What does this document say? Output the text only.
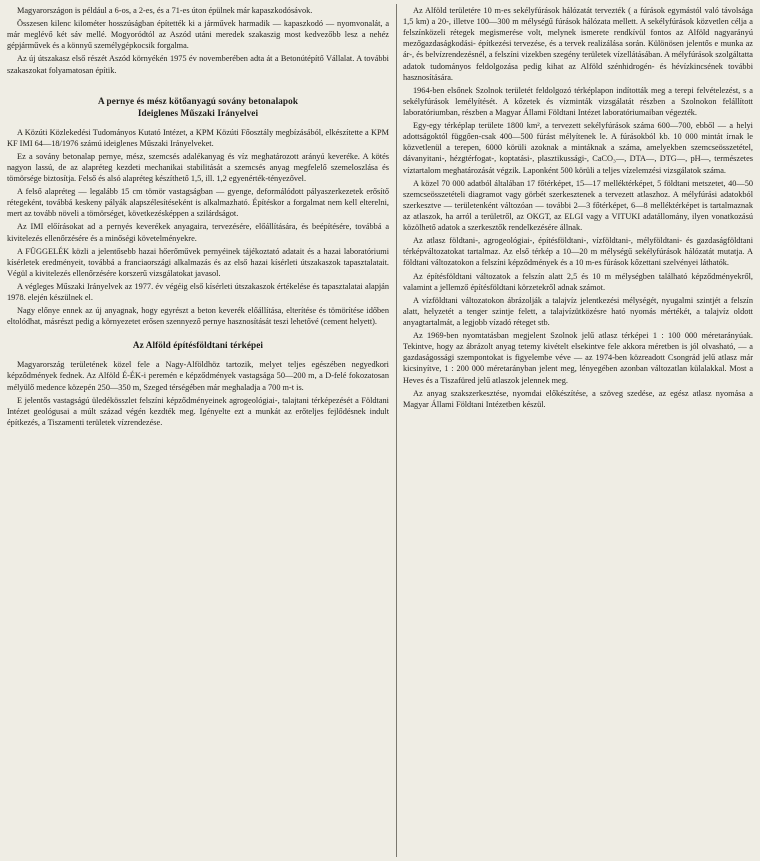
Magyarországon is például a 6-os, a 2-es, és a 71-es úton épülnek már kapaszkodósávok.

Összesen kilenc kilométer hosszúságban építették ki a járművek harmadik — kapaszkodó — nyomvonalát, a már meglévő két sáv mellé. Mogyoródtól az Aszód utáni meredek szakaszig most kedvezőbb lesz a nehéz gépjárművek és a könnyű személygépkocsik forgalma.

Az új útszakasz első részét Aszód környékén 1975 év novemberében adta át a Betonútépítő Vállalat. A további szakaszokat folyamatosan építik.

A pernye és mész kötőanyagú sovány betonalapok
Ideiglenes Műszaki Irányelvei

A Közúti Közlekedési Tudományos Kutató Intézet, a KPM Közúti Főosztály megbízásából, elkészítette a KPM KF IMI 64—18/1976 számú ideiglenes Műszaki Irányelveket.

Ez a sovány betonalap pernye, mész, szemcsés adalékanyag és víz meghatározott arányú keveréke. A kötés nagyon lassú, de az alapréteg kezdeti mechanikai stabilitását a szemcsés anyag megfelelő szemeloszlása és tömörsége biztosítja. Felső és alsó alapréteg készíthető 1,5, ill. 1,2 egyenérték-tényezővel.

A felső alapréteg — legalább 15 cm tömör vastagságban — gyenge, deformálódott pályaszerkezetek erősítő rétegeként, továbbá keskeny pályák alapszélesítéseként is alkalmazható. Építéskor a forgalmat nem kell elterelni, mert az tovább növeli a tömörséget, következésképpen a szilárdságot.

Az IMI előírásokat ad a pernyés keverékek anyagaira, tervezésére, előállítására, és beépítésére, továbbá a kivitelezés ellenőrzésére és a minőségi követelményekre.

A FÜGGELÉK közli a jelentősebb hazai hőerőművek pernyéinek tájékoztató adatait és a hazai laboratóriumi kísérletek eredményeit, továbbá a franciaországi alkalmazás és az első hazai kísérleti útszakaszok tapasztalatait. Végül a kivitelezés ellenőrzésére korszerű vizsgálatokat javasol.

A végleges Műszaki Irányelvek az 1977. év végéig első kísérleti útszakaszok értékelése és tapasztalatai alapján 1978. elején készülnek el.

Nagy előnye ennek az új anyagnak, hogy egyrészt a beton keverék előállítása, elterítése és tömörítése időben eltolódhat, másrészt pedig a környezetet erősen szennyező pernye hasznosítását teszi lehetővé (cement helyett).

Az Alföld építésföldtani térképei

Magyarország területének közel fele a Nagy-Alföldhöz tartozik, melyet teljes egészében negyedkori képződmények fednek. Az Alföld É-ÉK-i peremén e képződmények vastagsága 50—200 m, a D-felé fokozatosan mélyülő medence közepén 250—350 m, Szeged térségében már meghaladja a 700 m-t is.

E jelentős vastagságú üledékösszlet felszíni képződményeinek agrogeológiai-, talajtani térképezését a Földtani Intézet geológusai a múlt század végén kezdték meg. Igényelte ezt a munkát az erőteljes fejlődésnek indult építkezés, a Tiszamenti területek vízrendezése.

Az Alföld területére 10 m-es sekélyfúrások hálózatát tervezték ( a fúrások egymástól való távolsága 1,5 km) a 20-, illetve 100—300 m mélységű fúrások hálózata mellett. A sekélyfúrások közvetlen célja a felszínközeli rétegek megismerése volt, melynek ismerete rendkívül fontos az Alföld nagyarányú mezőgazdaságkodási- építkezési tervezése, és a tervek realizálása során. Különösen jelentős e munka az ár-, és belvízrendezésnél, a felszíni vizekben szegény területek vízellátásában. A mélyfúrások szolgáltatta adatok tudományos feldolgozása pedig kihat az Alföld szénhidrogén- és hévízkincsének további hasznosítására.

1964-ben elsőnek Szolnok területét feldolgozó térképlapon indították meg a terepi felvételezést, s a sekélyfúrások lemélyítését. A kőzetek és vízminták vizsgálatát részben a Szolnokon felállított laboratóriumban, részben a Magyar Állami Földtani Intézet laboratóriumaiban végezték.

Egy-egy térképlap területe 1800 km², a tervezett sekélyfúrások száma 600—700, ebből — a helyi adottságoktól függően-csak 400—500 fúrást mélyítenek le. A fúrásokból kb. 10 000 mintát írnak le közvetlenül a terepen, 6000 körüli azoknak a mintáknak a száma, amelyekben szemcseösszetétel, dávanyitani-, hézgtérfogat-, koptatási-, plasztikussági-, CaCO₃—, DTA—, DTG—, pH—, természetes víztartalom meghatározását végzik. Laponként 500 körüli a teljes vízelemzési vizsgálatok száma.

A közel 70 000 adatból általában 17 főtérképet, 15—17 melléktérképet, 5 földtani metszetet, 40—50 szemcseösszetételi diagramot vagy görbét szerkesztenek a tervezett atlaszhoz. A mélyfúrási adatokból szerkesztve — területenként változóan — további 2—3 főtérképet, 6—8 melléktérképet is tartalmaznak az atlaszok, ha arról a területről, az OKGT, az ELGI vagy a VITUKI adatállomány, ilyen vonatkozású közölhető adatok a szerkesztők rendelkezésére állnak.

Az atlasz földtani-, agrogeológiai-, építésföldtani-, vízföldtani-, mélyföldtani- és gazdaságföldtani térképváltozatokat tartalmaz. Az első térkép a 10—20 m mélységű sekélyfúrások hálózatát mutatja. A földtani változatokon a felszíni képződmények és a 10 m-es fúrások kőzettani szelvényei láthatók.

Az építésföldtani változatok a felszín alatt 2,5 és 10 m mélységben található képződményekről, valamint a jellemző építésföldtani körzetekről adnak számot.

A vízföldtani változatokon ábrázolják a talajvíz jelentkezési mélységét, nyugalmi szintjét a felszín alatt, helyzetét a tenger szintje felett, a talajvízütközésre ható nyomás mértékét, a talajvíz oldott anyagtartalmát, a legjobb vízadó réteget stb.

Az 1969-ben nyomtatásban megjelent Szolnok jelű atlasz térképei 1 : 100 000 méretarányúak. Tekintve, hogy az ábrázolt anyag tetemy kivételt elsekintve fele akkora méretben is jól olvasható, — a gazdaságossági szempontokat is figyelembe véve — az 1974-ben közreadott Csongrád jelű atlasz már kicsinyítve, 1 : 200 000 méretarányban jelent meg, lényegében azonban változatlan külalakkal. Most a Heves és a Tiszafüred jelű atlaszok jelennek meg.

Az anyag szakszerkesztése, nyomdai előkészítése, a szöveg szedése, az egész atlasz nyomása a Magyar Állami Földtani Intézetben készül.
